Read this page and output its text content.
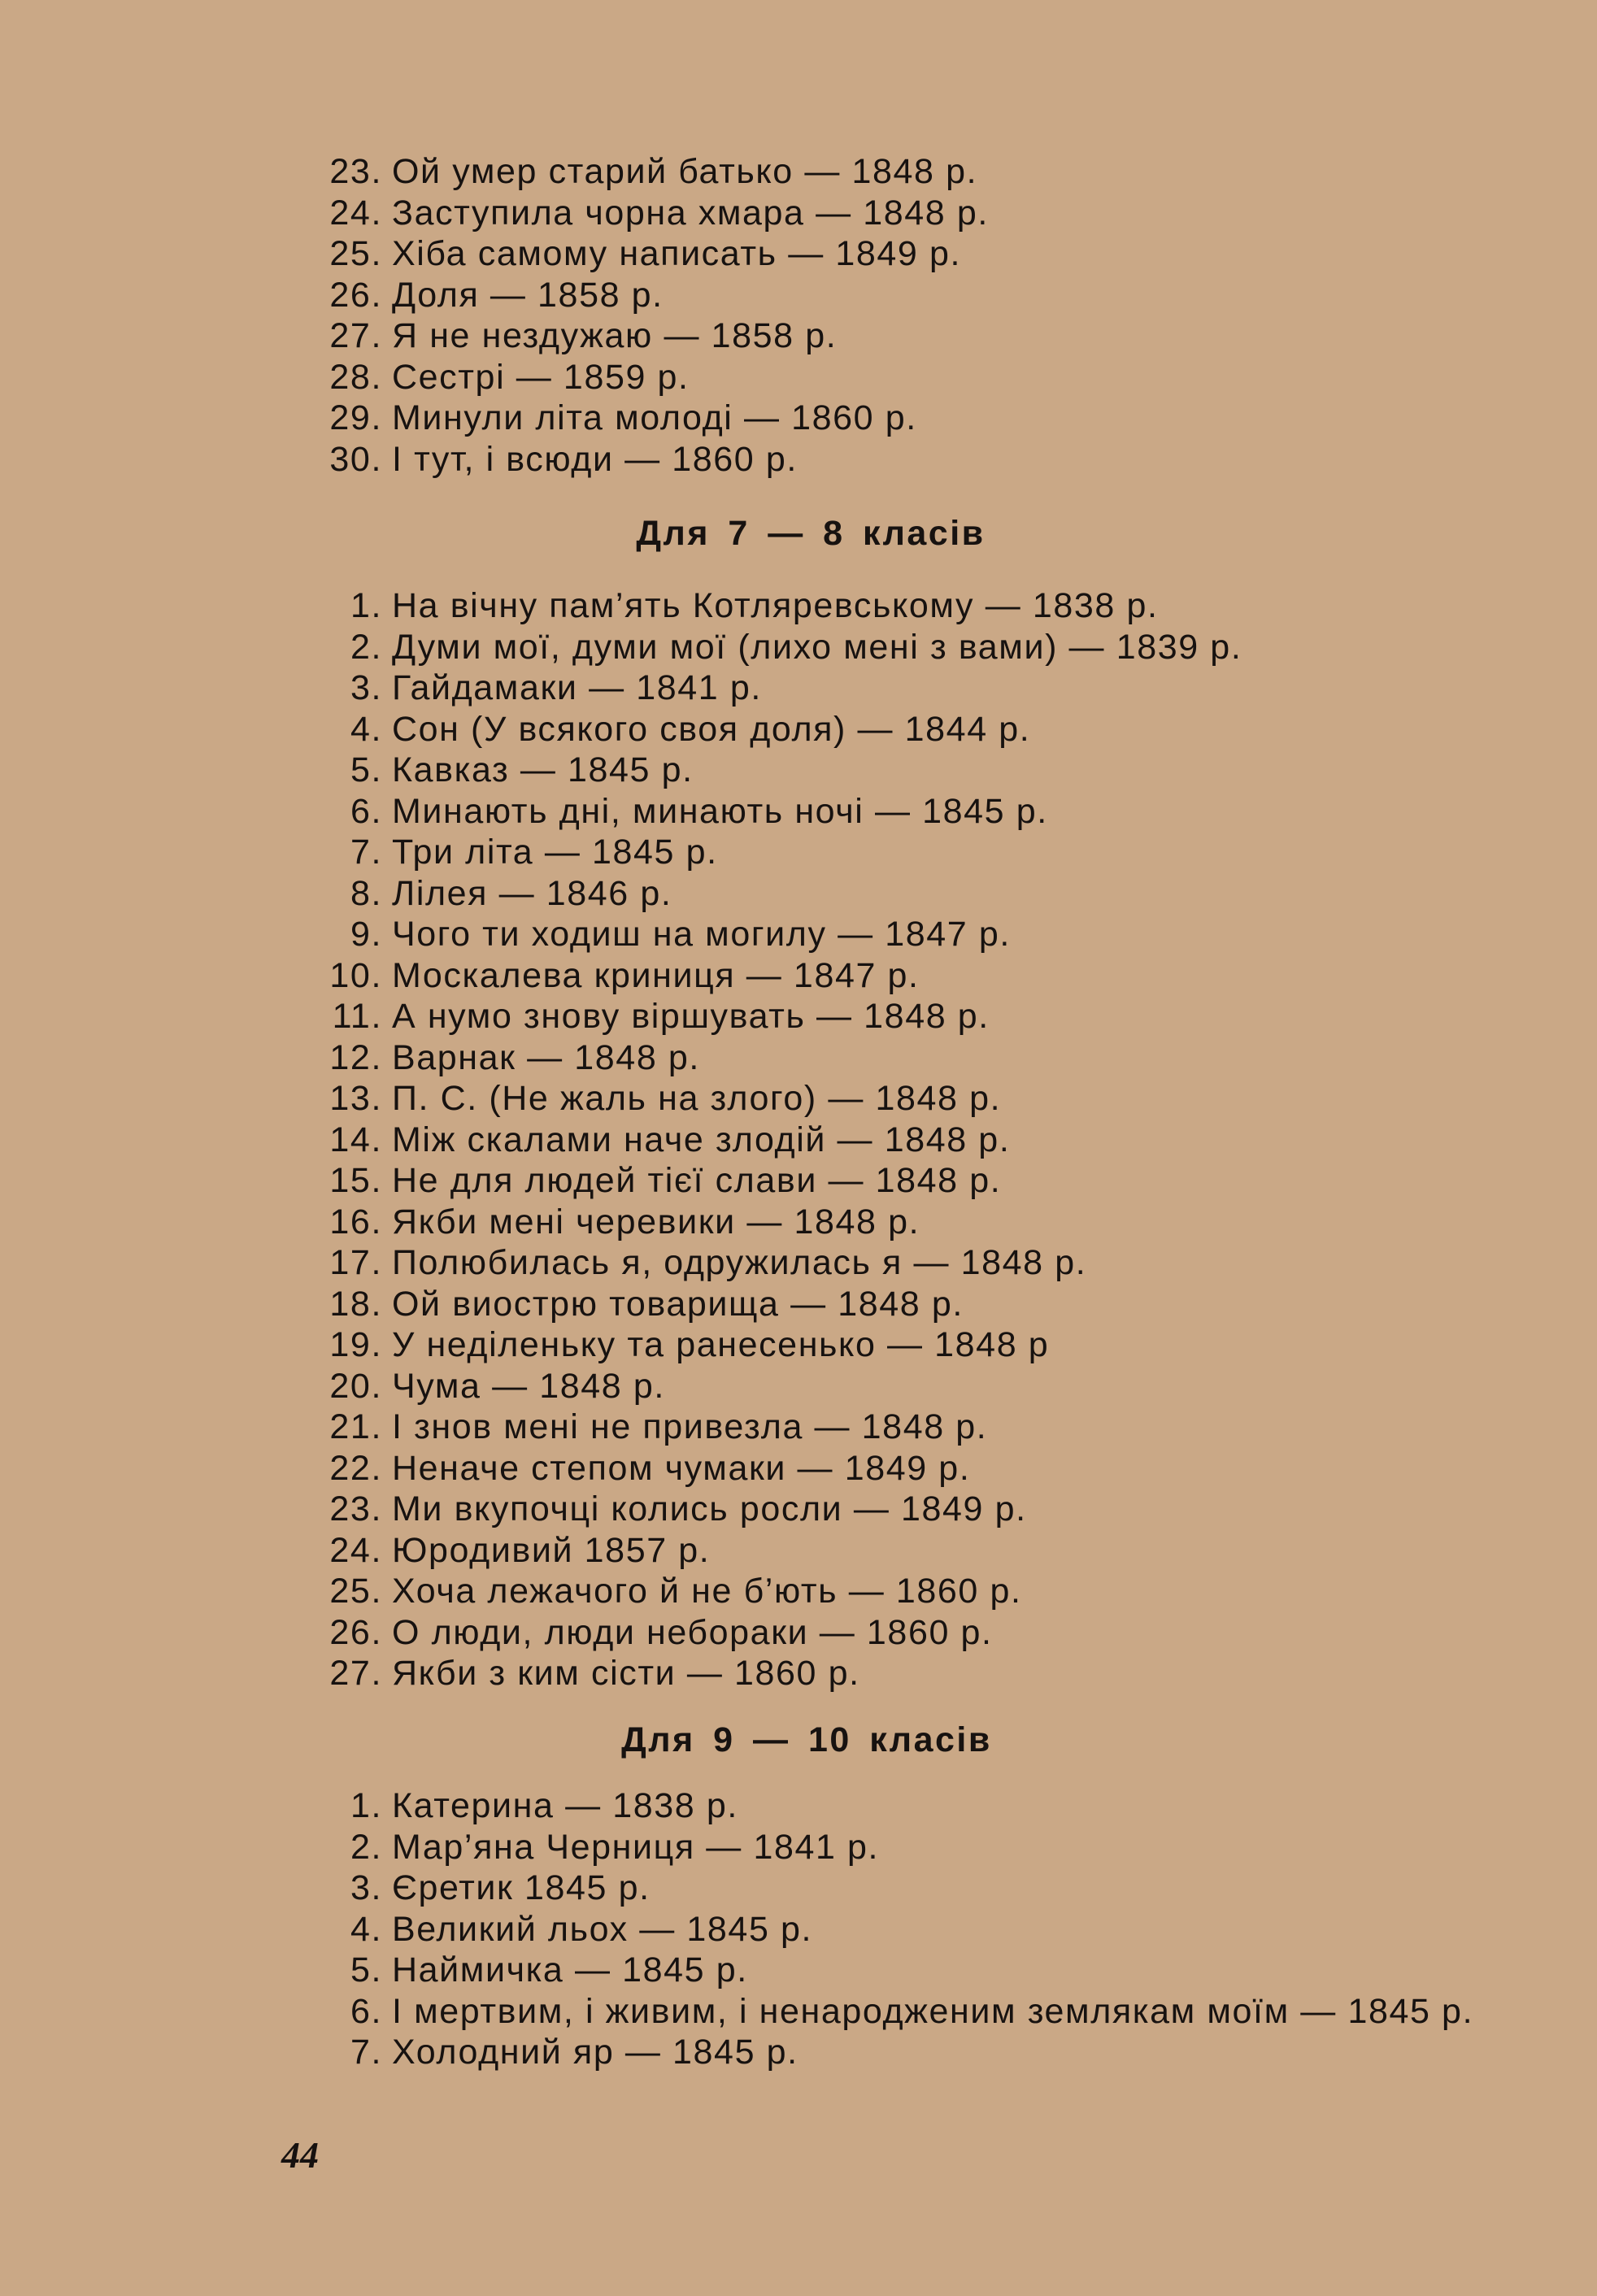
23. Ой умер старий батько — 1848 р.
24. Заступила чорна хмара — 1848 р.
25. Хіба самому написать — 1849 р.
26. Доля — 1858 р.
27. Я не нездужаю — 1858 р.
28. Сестрі — 1859 р.
29. Минули літа молоді — 1860 р.
30. І тут, і всюди — 1860 р.
Для 7 — 8 класів
1. На вічну пам’ять Котляревському — 1838 р.
2. Думи мої, думи мої (лихо мені з вами) — 1839 р.
3. Гайдамаки — 1841 р.
4. Сон (У всякого своя доля) — 1844 р.
5. Кавказ — 1845 р.
6. Минають дні, минають ночі — 1845 р.
7. Три літа — 1845 р.
8. Лілея — 1846 р.
9. Чого ти ходиш на могилу — 1847 р.
10. Москалева криниця — 1847 р.
11. А нумо знову віршувать — 1848 р.
12. Варнак — 1848 р.
13. П. С. (Не жаль на злого) — 1848 р.
14. Між скалами наче злодій — 1848 р.
15. Не для людей тієї слави — 1848 р.
16. Якби мені черевики — 1848 р.
17. Полюбилась я, одружилась я — 1848 р.
18. Ой виострю товарища — 1848 р.
19. У неділеньку та ранесенько — 1848 р
20. Чума — 1848 р.
21. І знов мені не привезла — 1848 р.
22. Неначе степом чумаки — 1849 р.
23. Ми вкупочці колись росли — 1849 р.
24. Юродивий 1857 р.
25. Хоча лежачого й не б’ють — 1860 р.
26. О люди, люди небораки — 1860 р.
27. Якби з ким сісти — 1860 р.
Для 9 — 10 класів
1. Катерина — 1838 р.
2. Мар’яна Черниця — 1841 р.
3. Єретик 1845 р.
4. Великий льох — 1845 р.
5. Наймичка — 1845 р.
6. І мертвим, і живим, і ненародженим землякам моїм — 1845 р.
7. Холодний яр — 1845 р.
44
